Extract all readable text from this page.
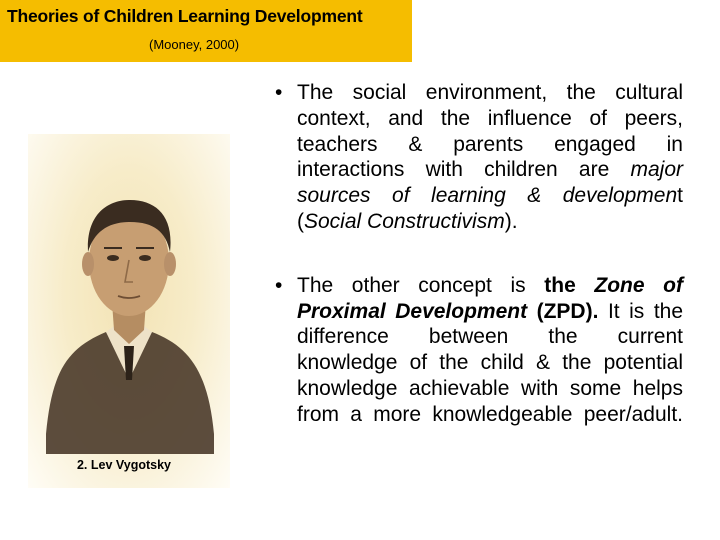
Theories of Children Learning Development
(Mooney, 2000)
2. Lev Vygotsky
• The social environment, the cultural context, and the influence of peers, teachers & parents engaged in interactions with children are major sources of learning & development (Social Constructivism).
• The other concept is the Zone of Proximal Development (ZPD). It is the difference between the current knowledge of the child & the potential knowledge achievable with some helps from a more knowledgeable peer/adult.
